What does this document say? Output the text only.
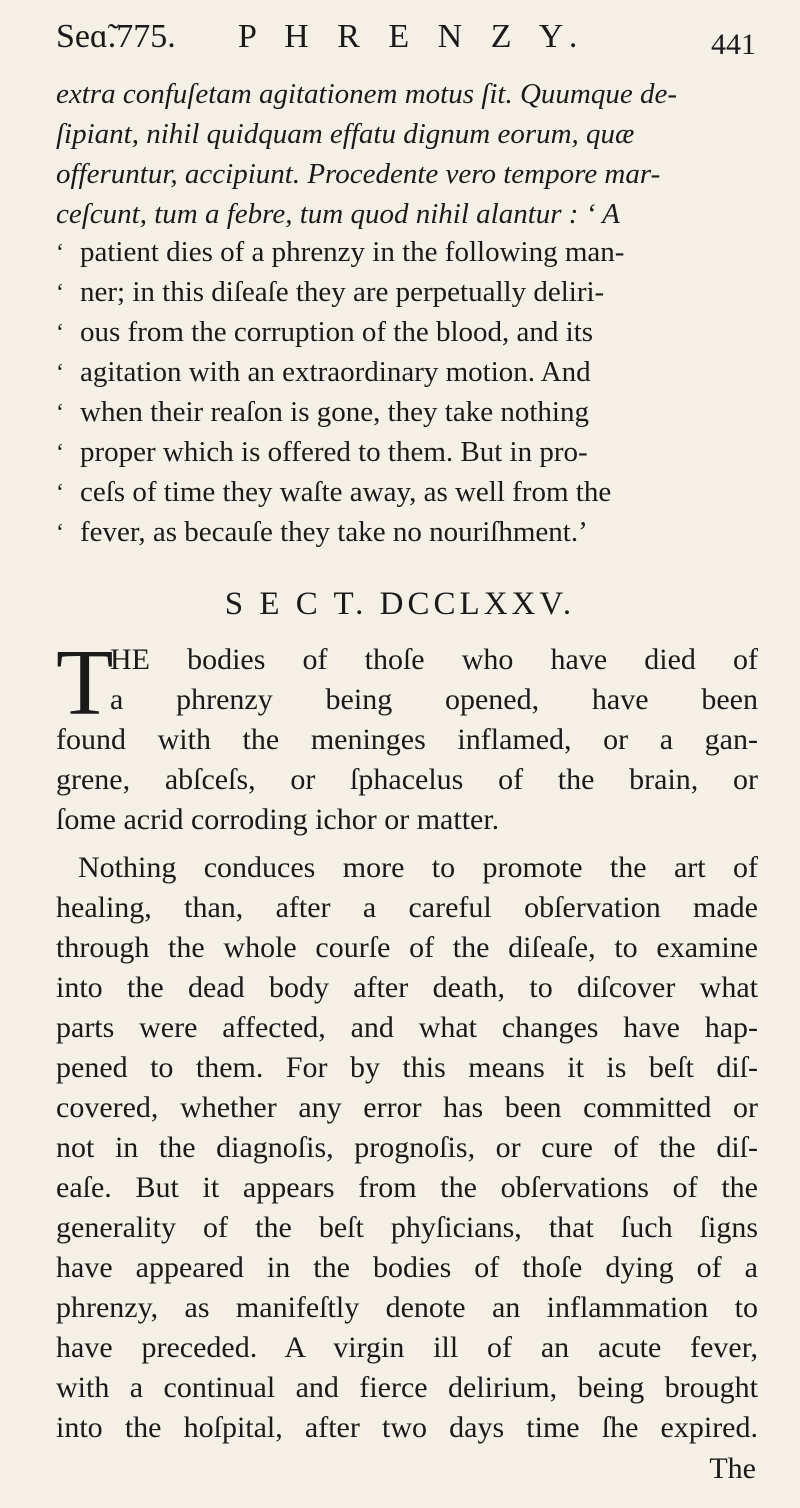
Seɑ̃.775. P H R E N Z Y.	441
extra confuſetam agitationem motus ſit. Quumque de-
ſipiant, nihil quidquam effatu dignum eorum, quæ
offeruntur, accipiunt. Procedente vero tempore mar-
ceſcunt, tum a febre, tum quod nihil alantur : ‘ A
‘ patient dies of a phrenzy in the following man-
‘ ner; in this diſeaſe they are perpetually deliri-
‘ ous from the corruption of the blood, and its
‘ agitation with an extraordinary motion. And
‘ when their reaſon is gone, they take nothing
‘ proper which is offered to them. But in pro-
‘ ceſs of time they waſte away, as well from the
‘ fever, as becauſe they take no nouriſhment.’
S E C T. DCCLXXV.
T
HE bodies of thoſe who have died of
a phrenzy being opened, have been
found with the meninges inflamed, or a gan-
grene, abſceſs, or ſphacelus of the brain, or
ſome acrid corroding ichor or matter.
Nothing conduces more to promote the art of
healing, than, after a careful obſervation made
through the whole courſe of the diſeaſe, to examine
into the dead body after death, to diſcover what
parts were affected, and what changes have hap-
pened to them. For by this means it is beſt diſ-
covered, whether any error has been committed or
not in the diagnoſis, prognoſis, or cure of the diſ-
eaſe. But it appears from the obſervations of the
generality of the beſt phyſicians, that ſuch ſigns
have appeared in the bodies of thoſe dying of a
phrenzy, as manifeſtly denote an inflammation to
have preceded. A virgin ill of an acute fever,
with a continual and fierce delirium, being brought
into the hoſpital, after two days time ſhe expired.
The
